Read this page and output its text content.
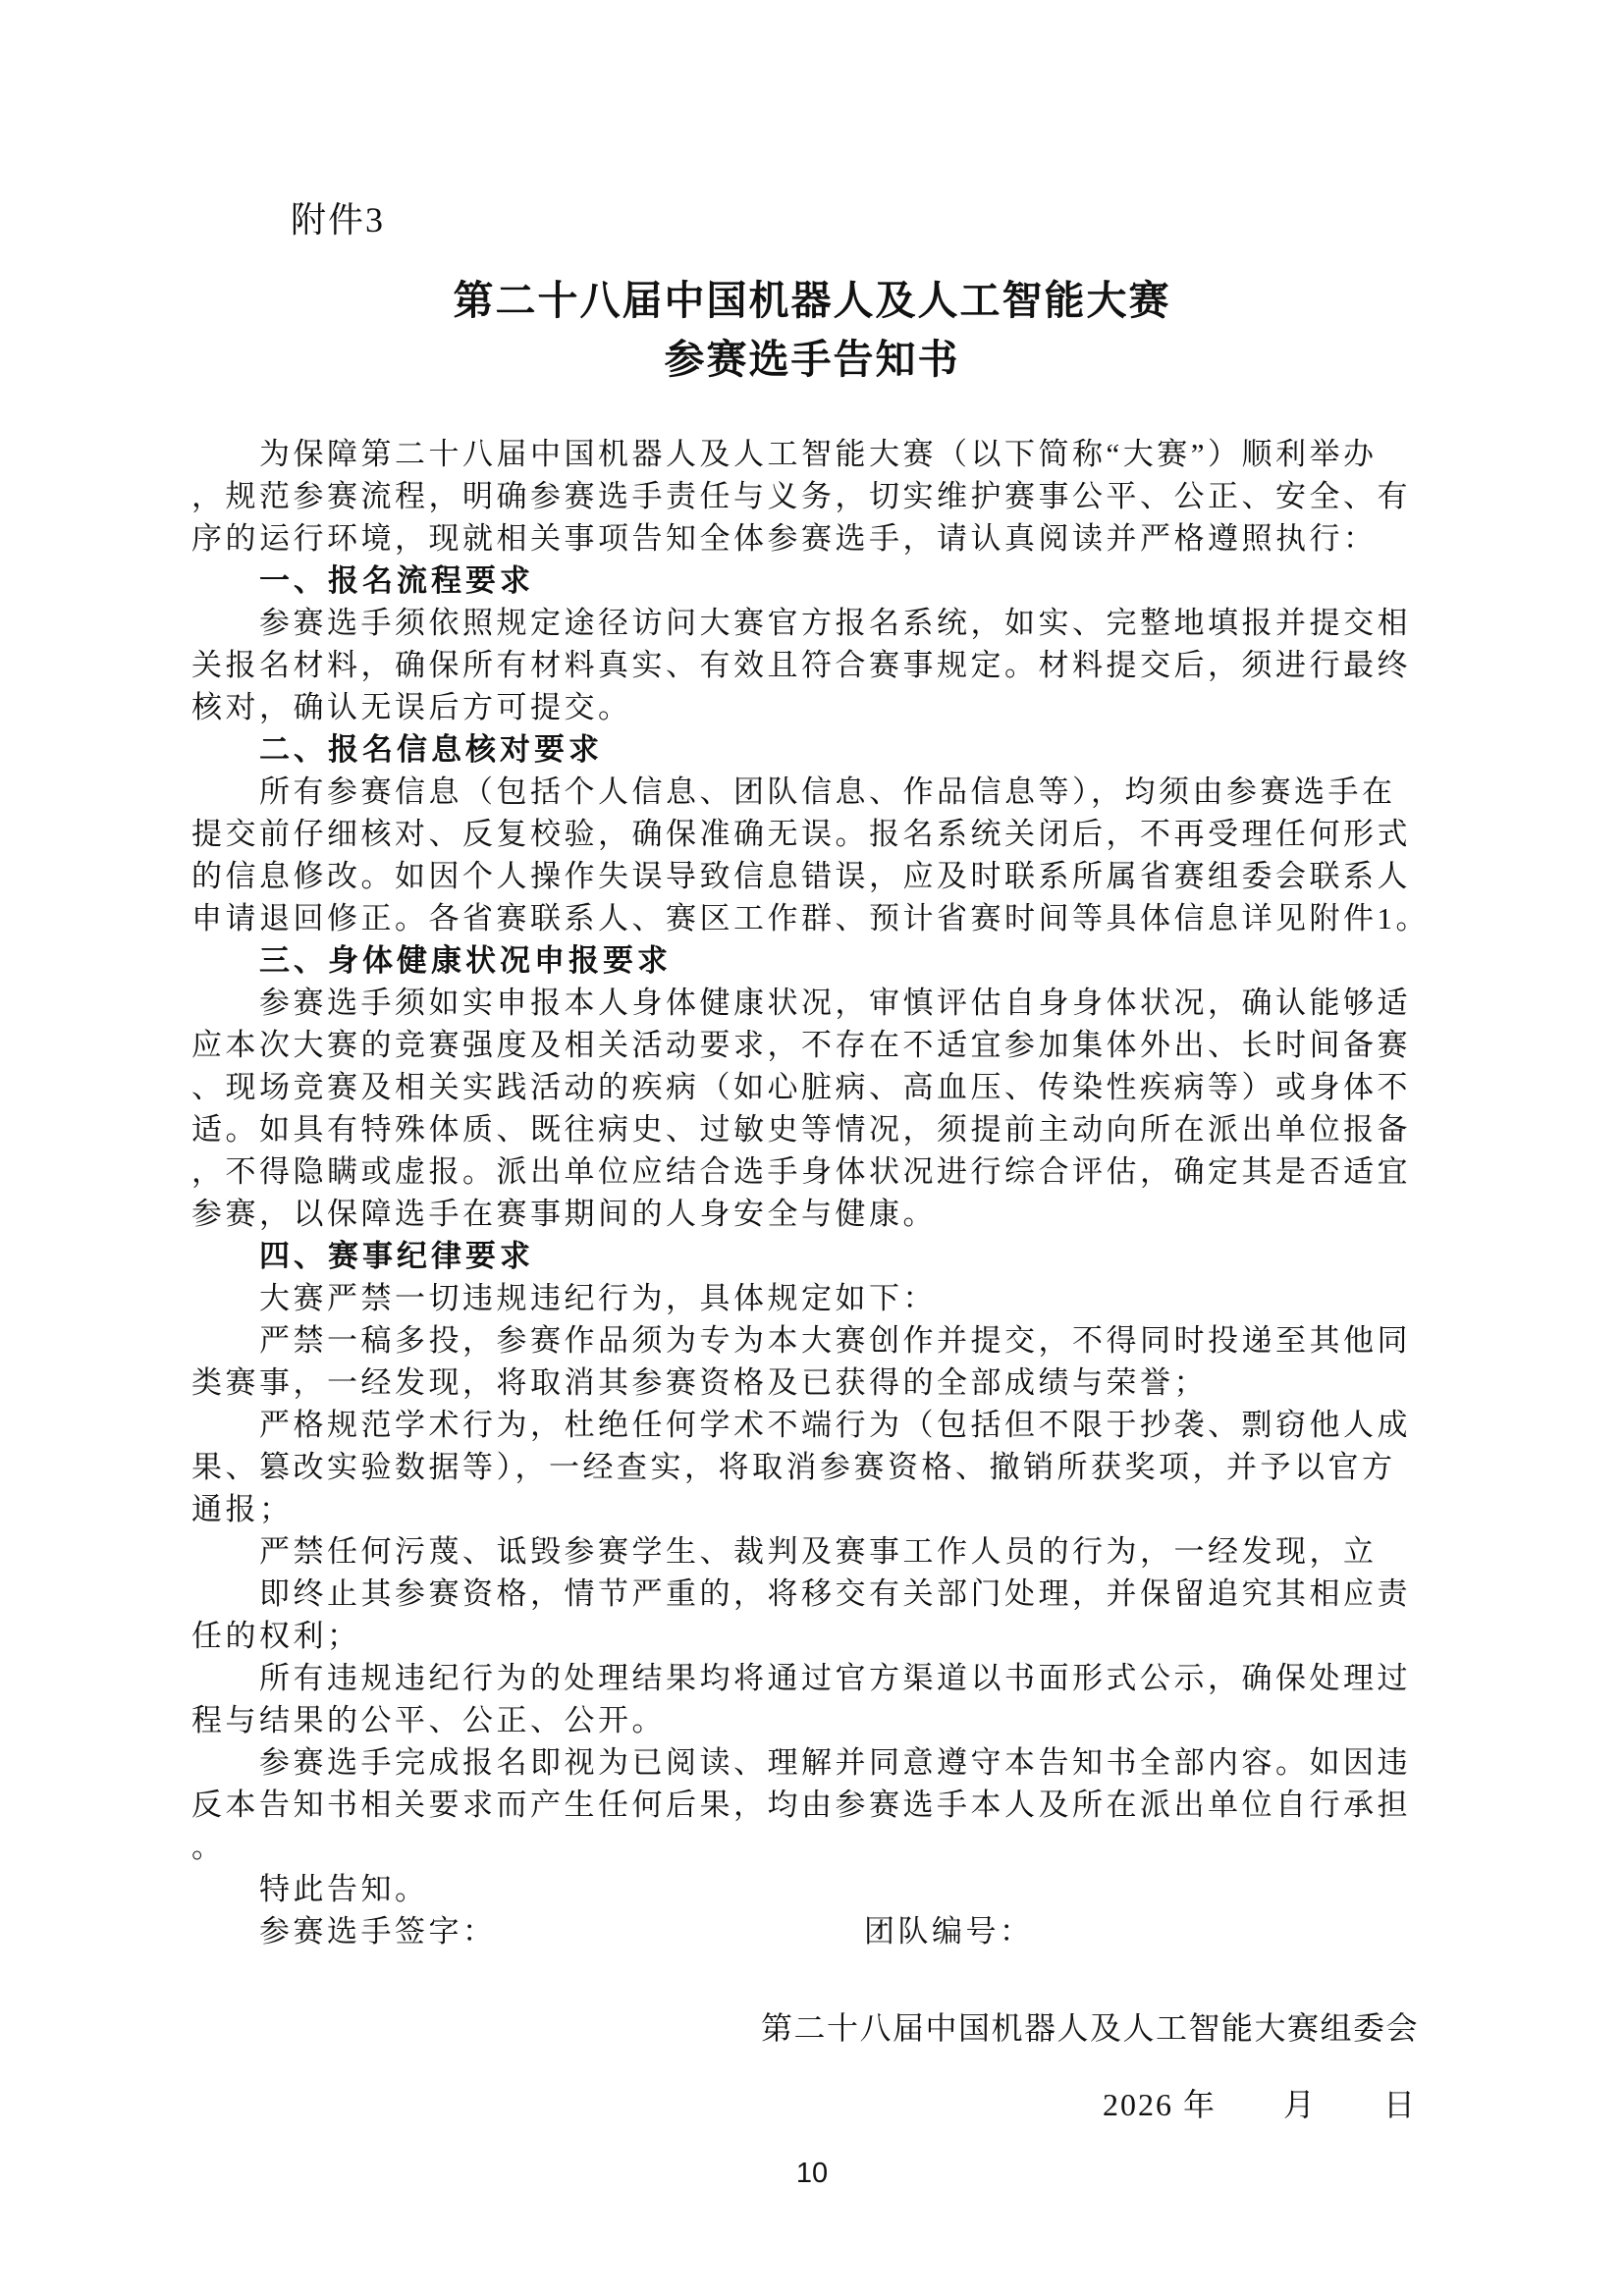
附件3
第二十八届中国机器人及人工智能大赛
参赛选手告知书
为保障第二十八届中国机器人及人工智能大赛（以下简称“大赛”）顺利举办
，规范参赛流程，明确参赛选手责任与义务，切实维护赛事公平、公正、安全、有
序的运行环境，现就相关事项告知全体参赛选手，请认真阅读并严格遵照执行：
一、报名流程要求
参赛选手须依照规定途径访问大赛官方报名系统，如实、完整地填报并提交相
关报名材料，确保所有材料真实、有效且符合赛事规定。材料提交后，须进行最终
核对，确认无误后方可提交。
二、报名信息核对要求
所有参赛信息（包括个人信息、团队信息、作品信息等），均须由参赛选手在
提交前仔细核对、反复校验，确保准确无误。报名系统关闭后，不再受理任何形式
的信息修改。如因个人操作失误导致信息错误，应及时联系所属省赛组委会联系人
申请退回修正。各省赛联系人、赛区工作群、预计省赛时间等具体信息详见附件1。
三、身体健康状况申报要求
参赛选手须如实申报本人身体健康状况，审慎评估自身身体状况，确认能够适
应本次大赛的竞赛强度及相关活动要求，不存在不适宜参加集体外出、长时间备赛
、现场竞赛及相关实践活动的疾病（如心脏病、高血压、传染性疾病等）或身体不
适。如具有特殊体质、既往病史、过敏史等情况，须提前主动向所在派出单位报备
，不得隐瞒或虚报。派出单位应结合选手身体状况进行综合评估，确定其是否适宜
参赛，以保障选手在赛事期间的人身安全与健康。
四、赛事纪律要求
大赛严禁一切违规违纪行为，具体规定如下：
严禁一稿多投，参赛作品须为专为本大赛创作并提交，不得同时投递至其他同
类赛事，一经发现，将取消其参赛资格及已获得的全部成绩与荣誉；
严格规范学术行为，杜绝任何学术不端行为（包括但不限于抄袭、剽窃他人成
果、篡改实验数据等），一经查实，将取消参赛资格、撤销所获奖项，并予以官方
通报；
严禁任何污蔑、诋毁参赛学生、裁判及赛事工作人员的行为，一经发现，立
即终止其参赛资格，情节严重的，将移交有关部门处理，并保留追究其相应责
任的权利；
所有违规违纪行为的处理结果均将通过官方渠道以书面形式公示，确保处理过
程与结果的公平、公正、公开。
参赛选手完成报名即视为已阅读、理解并同意遵守本告知书全部内容。如因违
反本告知书相关要求而产生任何后果，均由参赛选手本人及所在派出单位自行承担
。
特此告知。
参赛选手签字：	团队编号：
第二十八届中国机器人及人工智能大赛组委会
2026 年　　月　　日
10
